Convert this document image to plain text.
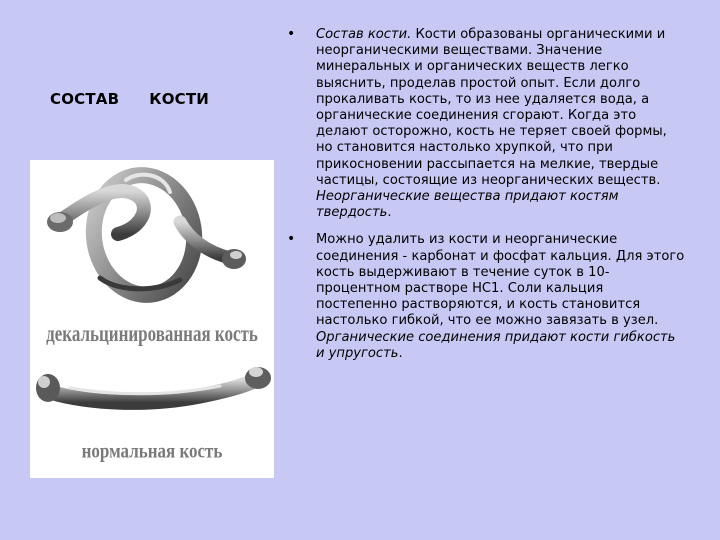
СОСТАВ КОСТИ
декальцинированная кость
нормальная кость

• Состав кости. Кости образованы органическими и неорганическими веществами. Значение минеральных и органических веществ легко выяснить, проделав простой опыт. Если долго прокаливать кость, то из нее удаляется вода, а органические соединения сгорают. Когда это делают осторожно, кость не теряет своей формы, но становится настолько хрупкой, что при прикосновении рассыпается на мелкие, твердые частицы, состоящие из неорганических веществ. Неорганические вещества придают костям твердость.

• Можно удалить из кости и неорганические соединения - карбонат и фосфат кальция. Для этого кость выдерживают в течение суток в 10-процентном растворе НС1. Соли кальция постепенно растворяются, и кость становится настолько гибкой, что ее можно завязать в узел. Органические соединения придают кости гибкость и упругость.
